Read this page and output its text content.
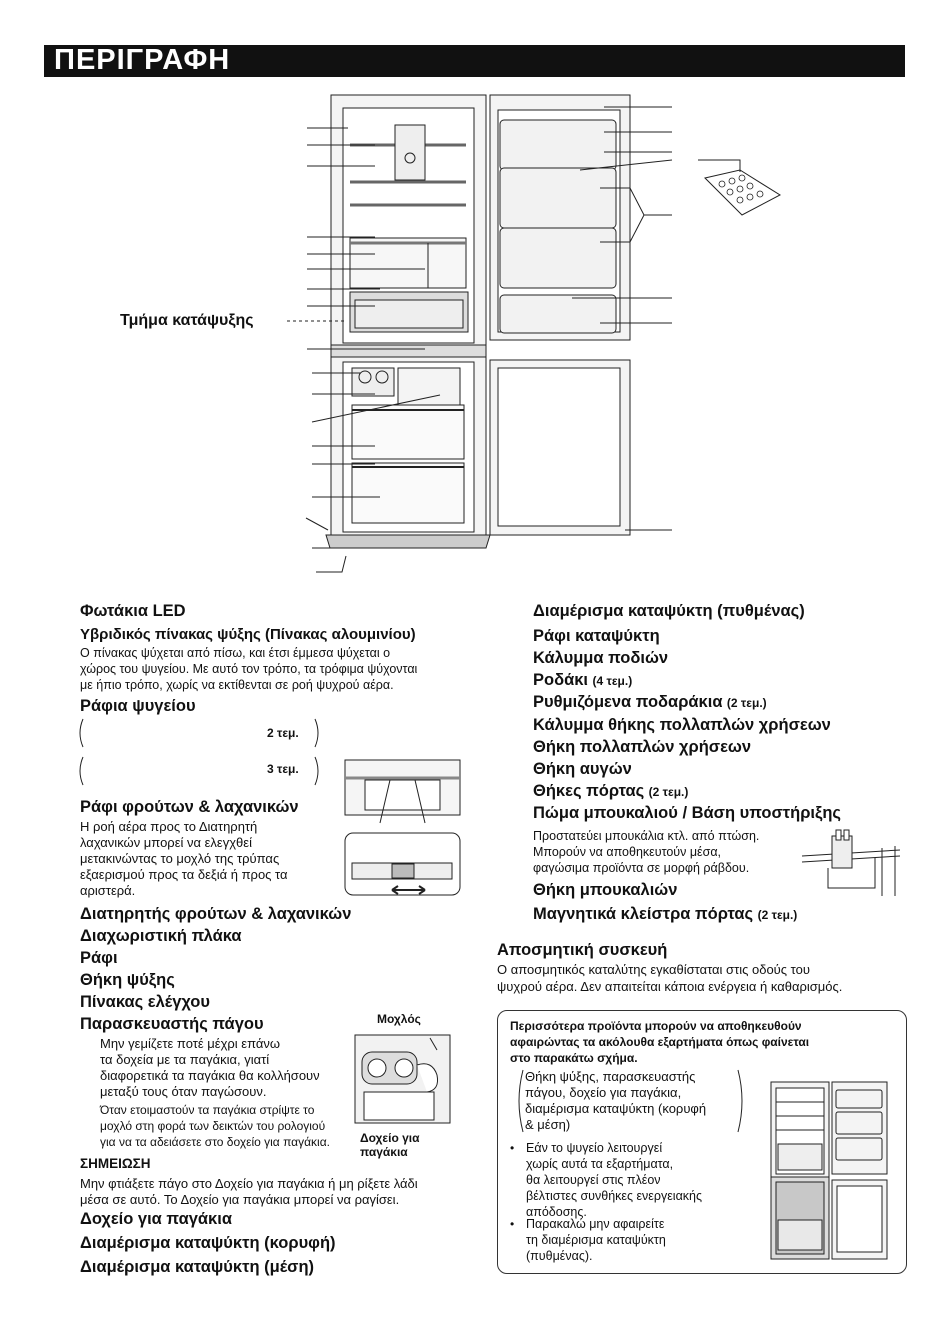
ΠΕΡΙΓΡΑΦΗ
Τμήμα κατάψυξης
Φωτάκια LED
Υβριδικός πίνακας ψύξης (Πίνακας αλουμινίου)
Ο πίνακας ψύχεται από πίσω, και έτσι έμμεσα ψύχεται ο
χώρος του ψυγείου. Με αυτό τον τρόπο, τα τρόφιμα ψύχονται
με ήπιο τρόπο, χωρίς να εκτίθενται σε ροή ψυχρού αέρα.
Ράφια ψυγείου
2 τεμ.
3 τεμ.
Ράφι φρούτων & λαχανικών
Η ροή αέρα προς το Διατηρητή
λαχανικών μπορεί να ελεγχθεί
μετακινώντας το μοχλό της τρύπας
εξαερισμού προς τα δεξιά ή προς τα
αριστερά.
Διατηρητής φρούτων & λαχανικών
Διαχωριστική πλάκα
Ράφι
Θήκη ψύξης
Πίνακας ελέγχου
Παρασκευαστής πάγου	Μοχλός
Μην γεμίζετε ποτέ μέχρι επάνω
τα δοχεία με τα παγάκια, γιατί
διαφορετικά τα παγάκια θα κολλήσουν
μεταξύ τους όταν παγώσουν.
Όταν ετοιμαστούν τα παγάκια στρίψτε το
μοχλό στη φορά των δεικτών του ρολογιού
για να τα αδειάσετε στο δοχείο για παγάκια.	Δοχείο για
παγάκια
ΣΗΜΕΙΩΣΗ
Μην φτιάξετε πάγο στο Δοχείο για παγάκια ή μη ρίξετε λάδι
μέσα σε αυτό. Το Δοχείο για παγάκια μπορεί να ραγίσει.
Δοχείο για παγάκια
Διαμέρισμα καταψύκτη (κορυφή)
Διαμέρισμα καταψύκτη (μέση)
Διαμέρισμα καταψύκτη (πυθμένας)
Ράφι καταψύκτη
Κάλυμμα ποδιών
Ροδάκι (4 τεμ.)
Ρυθμιζόμενα ποδαράκια (2 τεμ.)
Κάλυμμα θήκης πολλαπλών χρήσεων
Θήκη πολλαπλών χρήσεων
Θήκη αυγών
Θήκες πόρτας (2 τεμ.)
Πώμα μπουκαλιού / Βάση υποστήριξης
Προστατεύει μπουκάλια κτλ. από πτώση.
Μπορούν να αποθηκευτούν μέσα,
φαγώσιμα προϊόντα σε μορφή ράβδου.
Θήκη μπουκαλιών
Μαγνητικά κλείστρα πόρτας (2 τεμ.)
Αποσμητική συσκευή
Ο αποσμητικός καταλύτης εγκαθίσταται στις οδούς του
ψυχρού αέρα. Δεν απαιτείται κάποια ενέργεια ή καθαρισμός.
Περισσότερα προϊόντα μπορούν να αποθηκευθούν
αφαιρώντας τα ακόλουθα εξαρτήματα όπως φαίνεται
στο παρακάτω σχήμα.
Θήκη ψύξης, παρασκευαστής
πάγου, δοχείο για παγάκια,
διαμέρισμα καταψύκτη (κορυφή
& μέση)
• Εάν το ψυγείο λειτουργεί
χωρίς αυτά τα εξαρτήματα,
θα λειτουργεί στις πλέον
βέλτιστες συνθήκες ενεργειακής
απόδοσης.
• Παρακαλώ μην αφαιρείτε
τη διαμέρισμα καταψύκτη
(πυθμένας).
